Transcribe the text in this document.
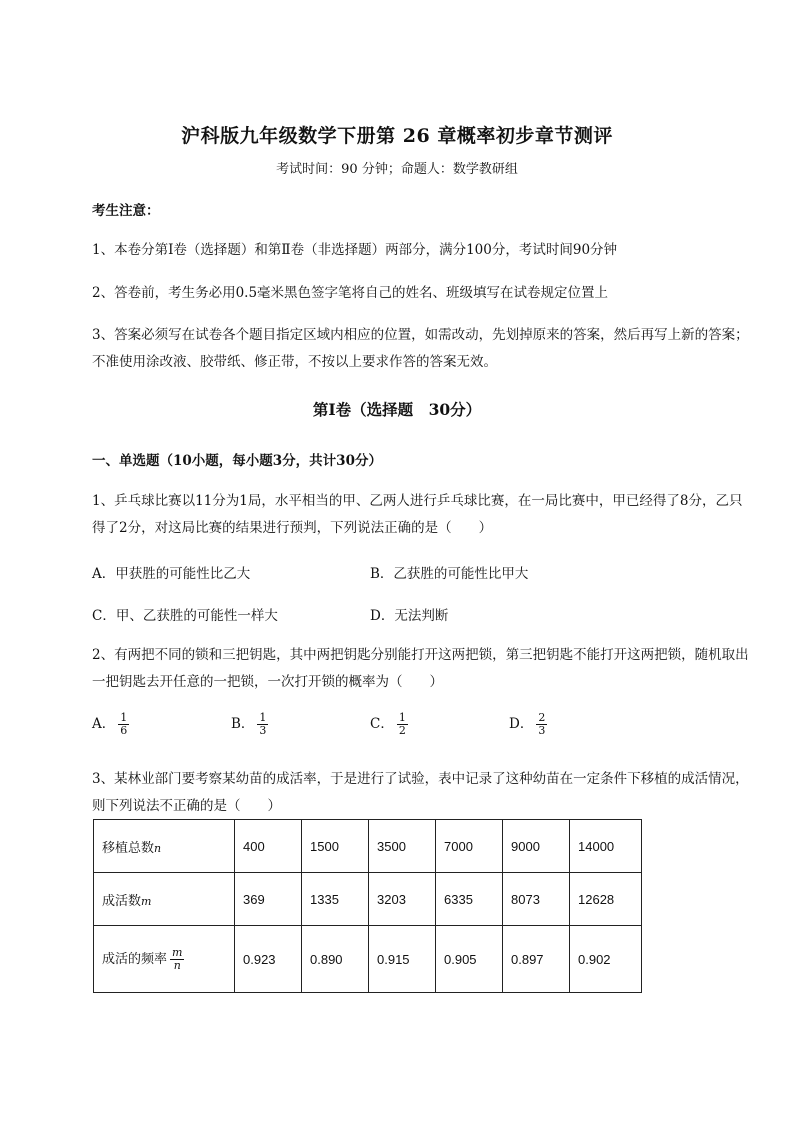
沪科版九年级数学下册第 26 章概率初步章节测评
考试时间：90 分钟；命题人：数学教研组
考生注意：
1、本卷分第Ⅰ卷（选择题）和第Ⅱ卷（非选择题）两部分，满分100分，考试时间90分钟
2、答卷前，考生务必用0.5毫米黑色签字笔将自己的姓名、班级填写在试卷规定位置上
3、答案必须写在试卷各个题目指定区域内相应的位置，如需改动，先划掉原来的答案，然后再写上新的答案；不准使用涂改液、胶带纸、修正带，不按以上要求作答的答案无效。
第Ⅰ卷（选择题　30分）
一、单选题（10小题，每小题3分，共计30分）
1、乒乓球比赛以11分为1局，水平相当的甲、乙两人进行乒乓球比赛，在一局比赛中，甲已经得了8分，乙只得了2分，对这局比赛的结果进行预判，下列说法正确的是（　　）
A．甲获胜的可能性比乙大	B．乙获胜的可能性比甲大
C．甲、乙获胜的可能性一样大	D．无法判断
2、有两把不同的锁和三把钥匙，其中两把钥匙分别能打开这两把锁，第三把钥匙不能打开这两把锁，随机取出一把钥匙去开任意的一把锁，一次打开锁的概率为（　　）
A． $\frac{1}{6}$	B． $\frac{1}{3}$	C． $\frac{1}{2}$	D． $\frac{2}{3}$
3、某林业部门要考察某幼苗的成活率，于是进行了试验，表中记录了这种幼苗在一定条件下移植的成活情况，则下列说法不正确的是（　　）
移植总数n	400	1500	3500	7000	9000	14000
成活数m	369	1335	3203	6335	8073	12628
成活的频率 $\frac{m}{n}$	0.923	0.890	0.915	0.905	0.897	0.902
